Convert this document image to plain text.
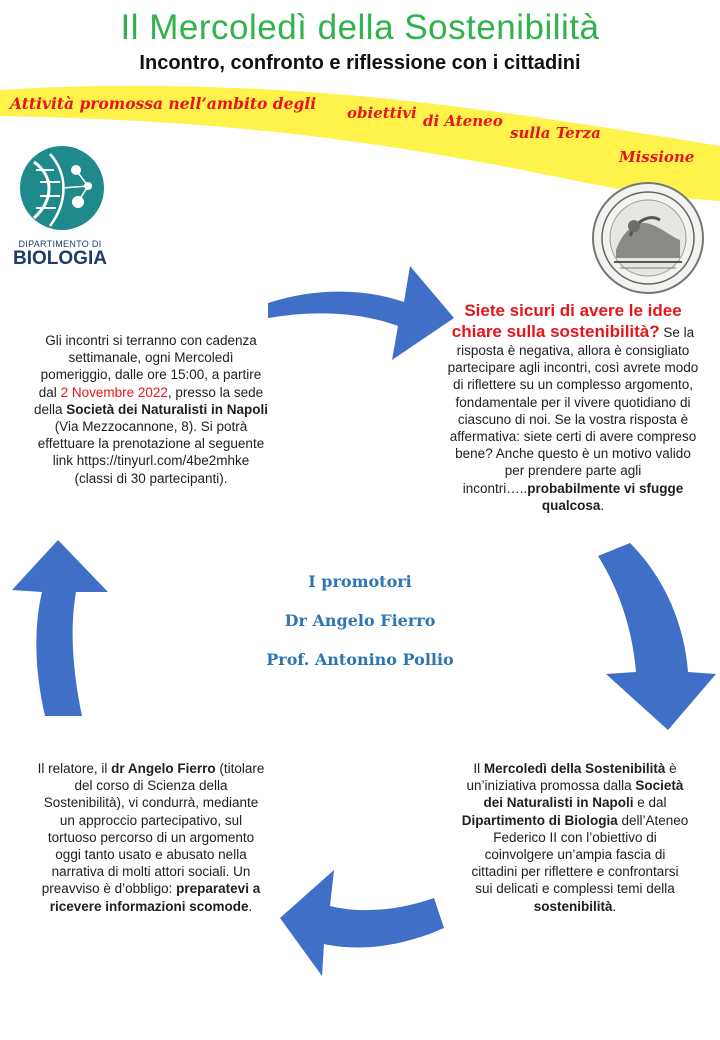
Il Mercoledì della Sostenibilità
Incontro, confronto e riflessione con i cittadini
Attività promossa nell’ambito degli obiettivi di Ateneo
sulla Terza
Missione
DIPARTIMENTO DI
BIOLOGIA
Gli incontri si terranno con cadenza
settimanale, ogni Mercoledì
pomeriggio, dalle ore 15:00, a partire
dal 2 Novembre 2022, presso la sede
della Società dei Naturalisti in Napoli
(Via Mezzocannone, 8). Si potrà
effettuare la prenotazione al seguente
link https://tinyurl.com/4be2mhke
(classi di 30 partecipanti).
Siete sicuri di avere le idee
chiare sulla sostenibilità? Se la
risposta è negativa, allora è consigliato
partecipare agli incontri, così avrete modo
di riflettere su un complesso argomento,
fondamentale per il vivere quotidiano di
ciascuno di noi. Se la vostra risposta è
affermativa: siete certi di avere compreso
bene? Anche questo è un motivo valido
per prendere parte agli
incontri…..probabilmente vi sfugge
qualcosa.
I promotori
Dr Angelo Fierro
Prof. Antonino Pollio
Il relatore, il dr Angelo Fierro (titolare
del corso di Scienza della
Sostenibilità), vi condurrà, mediante
un approccio partecipativo, sul
tortuoso percorso di un argomento
oggi tanto usato e abusato nella
narrativa di molti attori sociali. Un
preavviso è d’obbligo: preparatevi a
ricevere informazioni scomode.
Il Mercoledì della Sostenibilità è
un’iniziativa promossa dalla Società
dei Naturalisti in Napoli e dal
Dipartimento di Biologia dell’Ateneo
Federico II con l’obiettivo di
coinvolgere un’ampia fascia di
cittadini per riflettere e confrontarsi
sui delicati e complessi temi della
sostenibilità.
